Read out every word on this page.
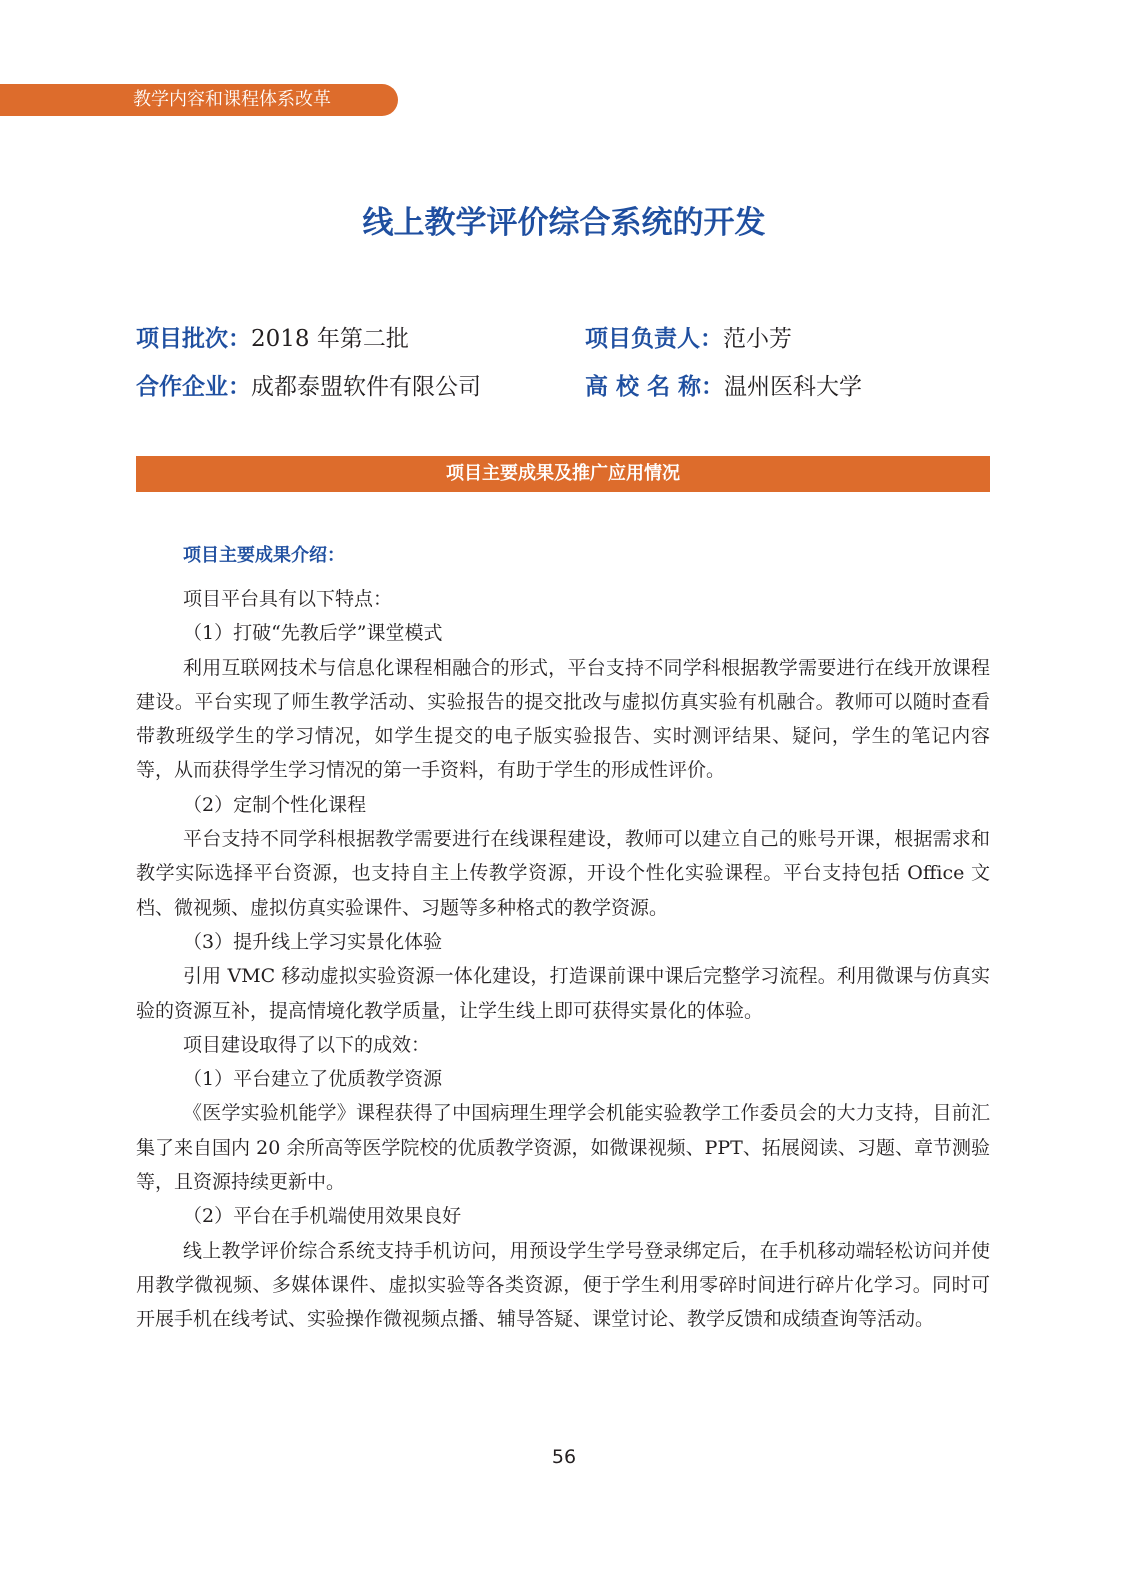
教学内容和课程体系改革
线上教学评价综合系统的开发
项目批次：2018 年第二批	项目负责人：范小芳
合作企业：成都泰盟软件有限公司	高 校 名 称：温州医科大学
项目主要成果及推广应用情况
项目主要成果介绍：

项目平台具有以下特点：

（1）打破“先教后学”课堂模式

利用互联网技术与信息化课程相融合的形式，平台支持不同学科根据教学需要进行在线开放课程建设。平台实现了师生教学活动、实验报告的提交批改与虚拟仿真实验有机融合。教师可以随时查看带教班级学生的学习情况，如学生提交的电子版实验报告、实时测评结果、疑问，学生的笔记内容等，从而获得学生学习情况的第一手资料，有助于学生的形成性评价。

（2）定制个性化课程

平台支持不同学科根据教学需要进行在线课程建设，教师可以建立自己的账号开课，根据需求和教学实际选择平台资源，也支持自主上传教学资源，开设个性化实验课程。平台支持包括 Office 文档、微视频、虚拟仿真实验课件、习题等多种格式的教学资源。

（3）提升线上学习实景化体验

引用 VMC 移动虚拟实验资源一体化建设，打造课前课中课后完整学习流程。利用微课与仿真实验的资源互补，提高情境化教学质量，让学生线上即可获得实景化的体验。

项目建设取得了以下的成效：

（1）平台建立了优质教学资源

《医学实验机能学》课程获得了中国病理生理学会机能实验教学工作委员会的大力支持，目前汇集了来自国内 20 余所高等医学院校的优质教学资源，如微课视频、PPT、拓展阅读、习题、章节测验等，且资源持续更新中。

（2）平台在手机端使用效果良好

线上教学评价综合系统支持手机访问，用预设学生学号登录绑定后，在手机移动端轻松访问并使用教学微视频、多媒体课件、虚拟实验等各类资源，便于学生利用零碎时间进行碎片化学习。同时可开展手机在线考试、实验操作微视频点播、辅导答疑、课堂讨论、教学反馈和成绩查询等活动。

56
